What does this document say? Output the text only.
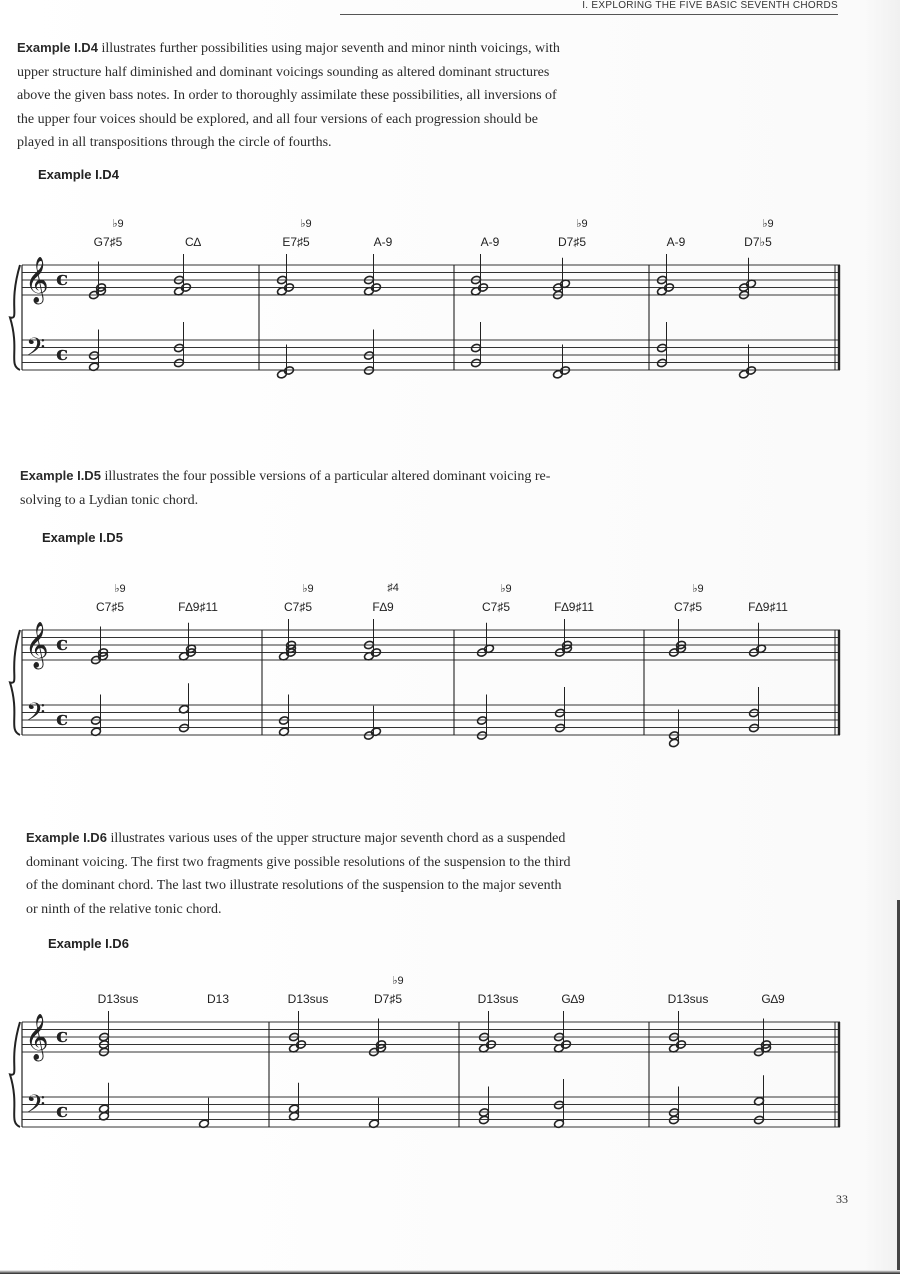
I. EXPLORING THE FIVE BASIC SEVENTH CHORDS
Example I.D4 illustrates further possibilities using major seventh and minor ninth voicings, with
upper structure half diminished and dominant voicings sounding as altered dominant structures
above the given bass notes. In order to thoroughly assimilate these possibilities, all inversions of
the upper four voices should be explored, and all four versions of each progression should be
played in all transpositions through the circle of fourths.
Example I.D4
𝄞
𝄢
c
c
G7♯5
♭9
C∆	E7♯5
♭9
A-9	A-9	D7♯5
♭9
A-9	D7♭5
♭9
Example I.D5 illustrates the four possible versions of a particular altered dominant voicing re-
solving to a Lydian tonic chord.
Example I.D5
𝄞
𝄢
c
c
C7♯5
♭9
F∆9♯11	C7♯5
♭9
F∆9
♯4
C7♯5
♭9
F∆9♯11	C7♯5
♭9
F∆9♯11
Example I.D6 illustrates various uses of the upper structure major seventh chord as a suspended
dominant voicing. The first two fragments give possible resolutions of the suspension to the third
of the dominant chord. The last two illustrate resolutions of the suspension to the major seventh
or ninth of the relative tonic chord.
Example I.D6
𝄞
𝄢
c
c
D13sus	D13	D13sus	D7♯5
♭9
D13sus	G∆9	D13sus	G∆9
33
